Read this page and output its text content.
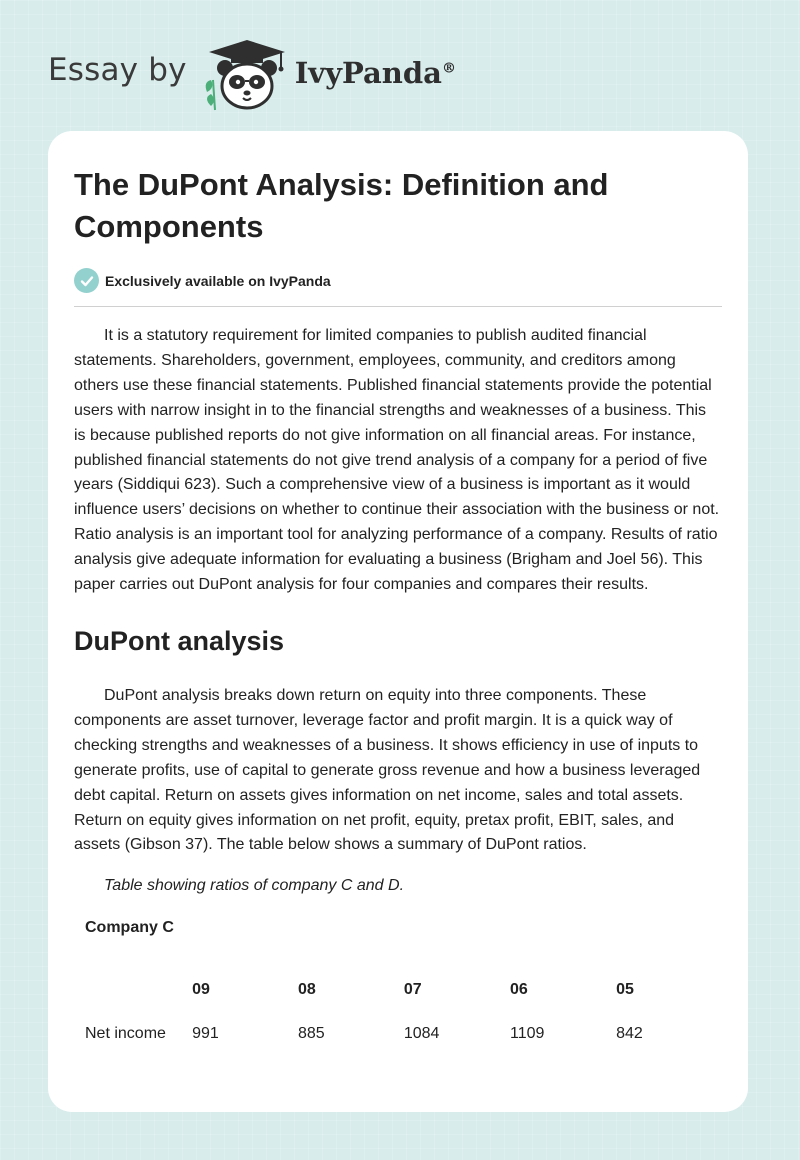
Essay by	IvyPanda®
The DuPont Analysis: Definition and Components
Exclusively available on IvyPanda

It is a statutory requirement for limited companies to publish audited financial statements. Shareholders, government, employees, community, and creditors among others use these financial statements. Published financial statements provide the potential users with narrow insight in to the financial strengths and weaknesses of a business. This is because published reports do not give information on all financial areas. For instance, published financial statements do not give trend analysis of a company for a period of five years (Siddiqui 623). Such a comprehensive view of a business is important as it would influence users’ decisions on whether to continue their association with the business or not. Ratio analysis is an important tool for analyzing performance of a company. Results of ratio analysis give adequate information for evaluating a business (Brigham and Joel 56). This paper carries out DuPont analysis for four companies and compares their results.

DuPont analysis

DuPont analysis breaks down return on equity into three components. These components are asset turnover, leverage factor and profit margin. It is a quick way of checking strengths and weaknesses of a business. It shows efficiency in use of inputs to generate profits, use of capital to generate gross revenue and how a business leveraged debt capital. Return on assets gives information on net income, sales and total assets. Return on equity gives information on net profit, equity, pretax profit, EBIT, sales, and assets (Gibson 37). The table below shows a summary of DuPont ratios.

Table showing ratios of company C and D.

Company C					
	09	08	07	06	05
Net income	991	885	1084	1109	842
